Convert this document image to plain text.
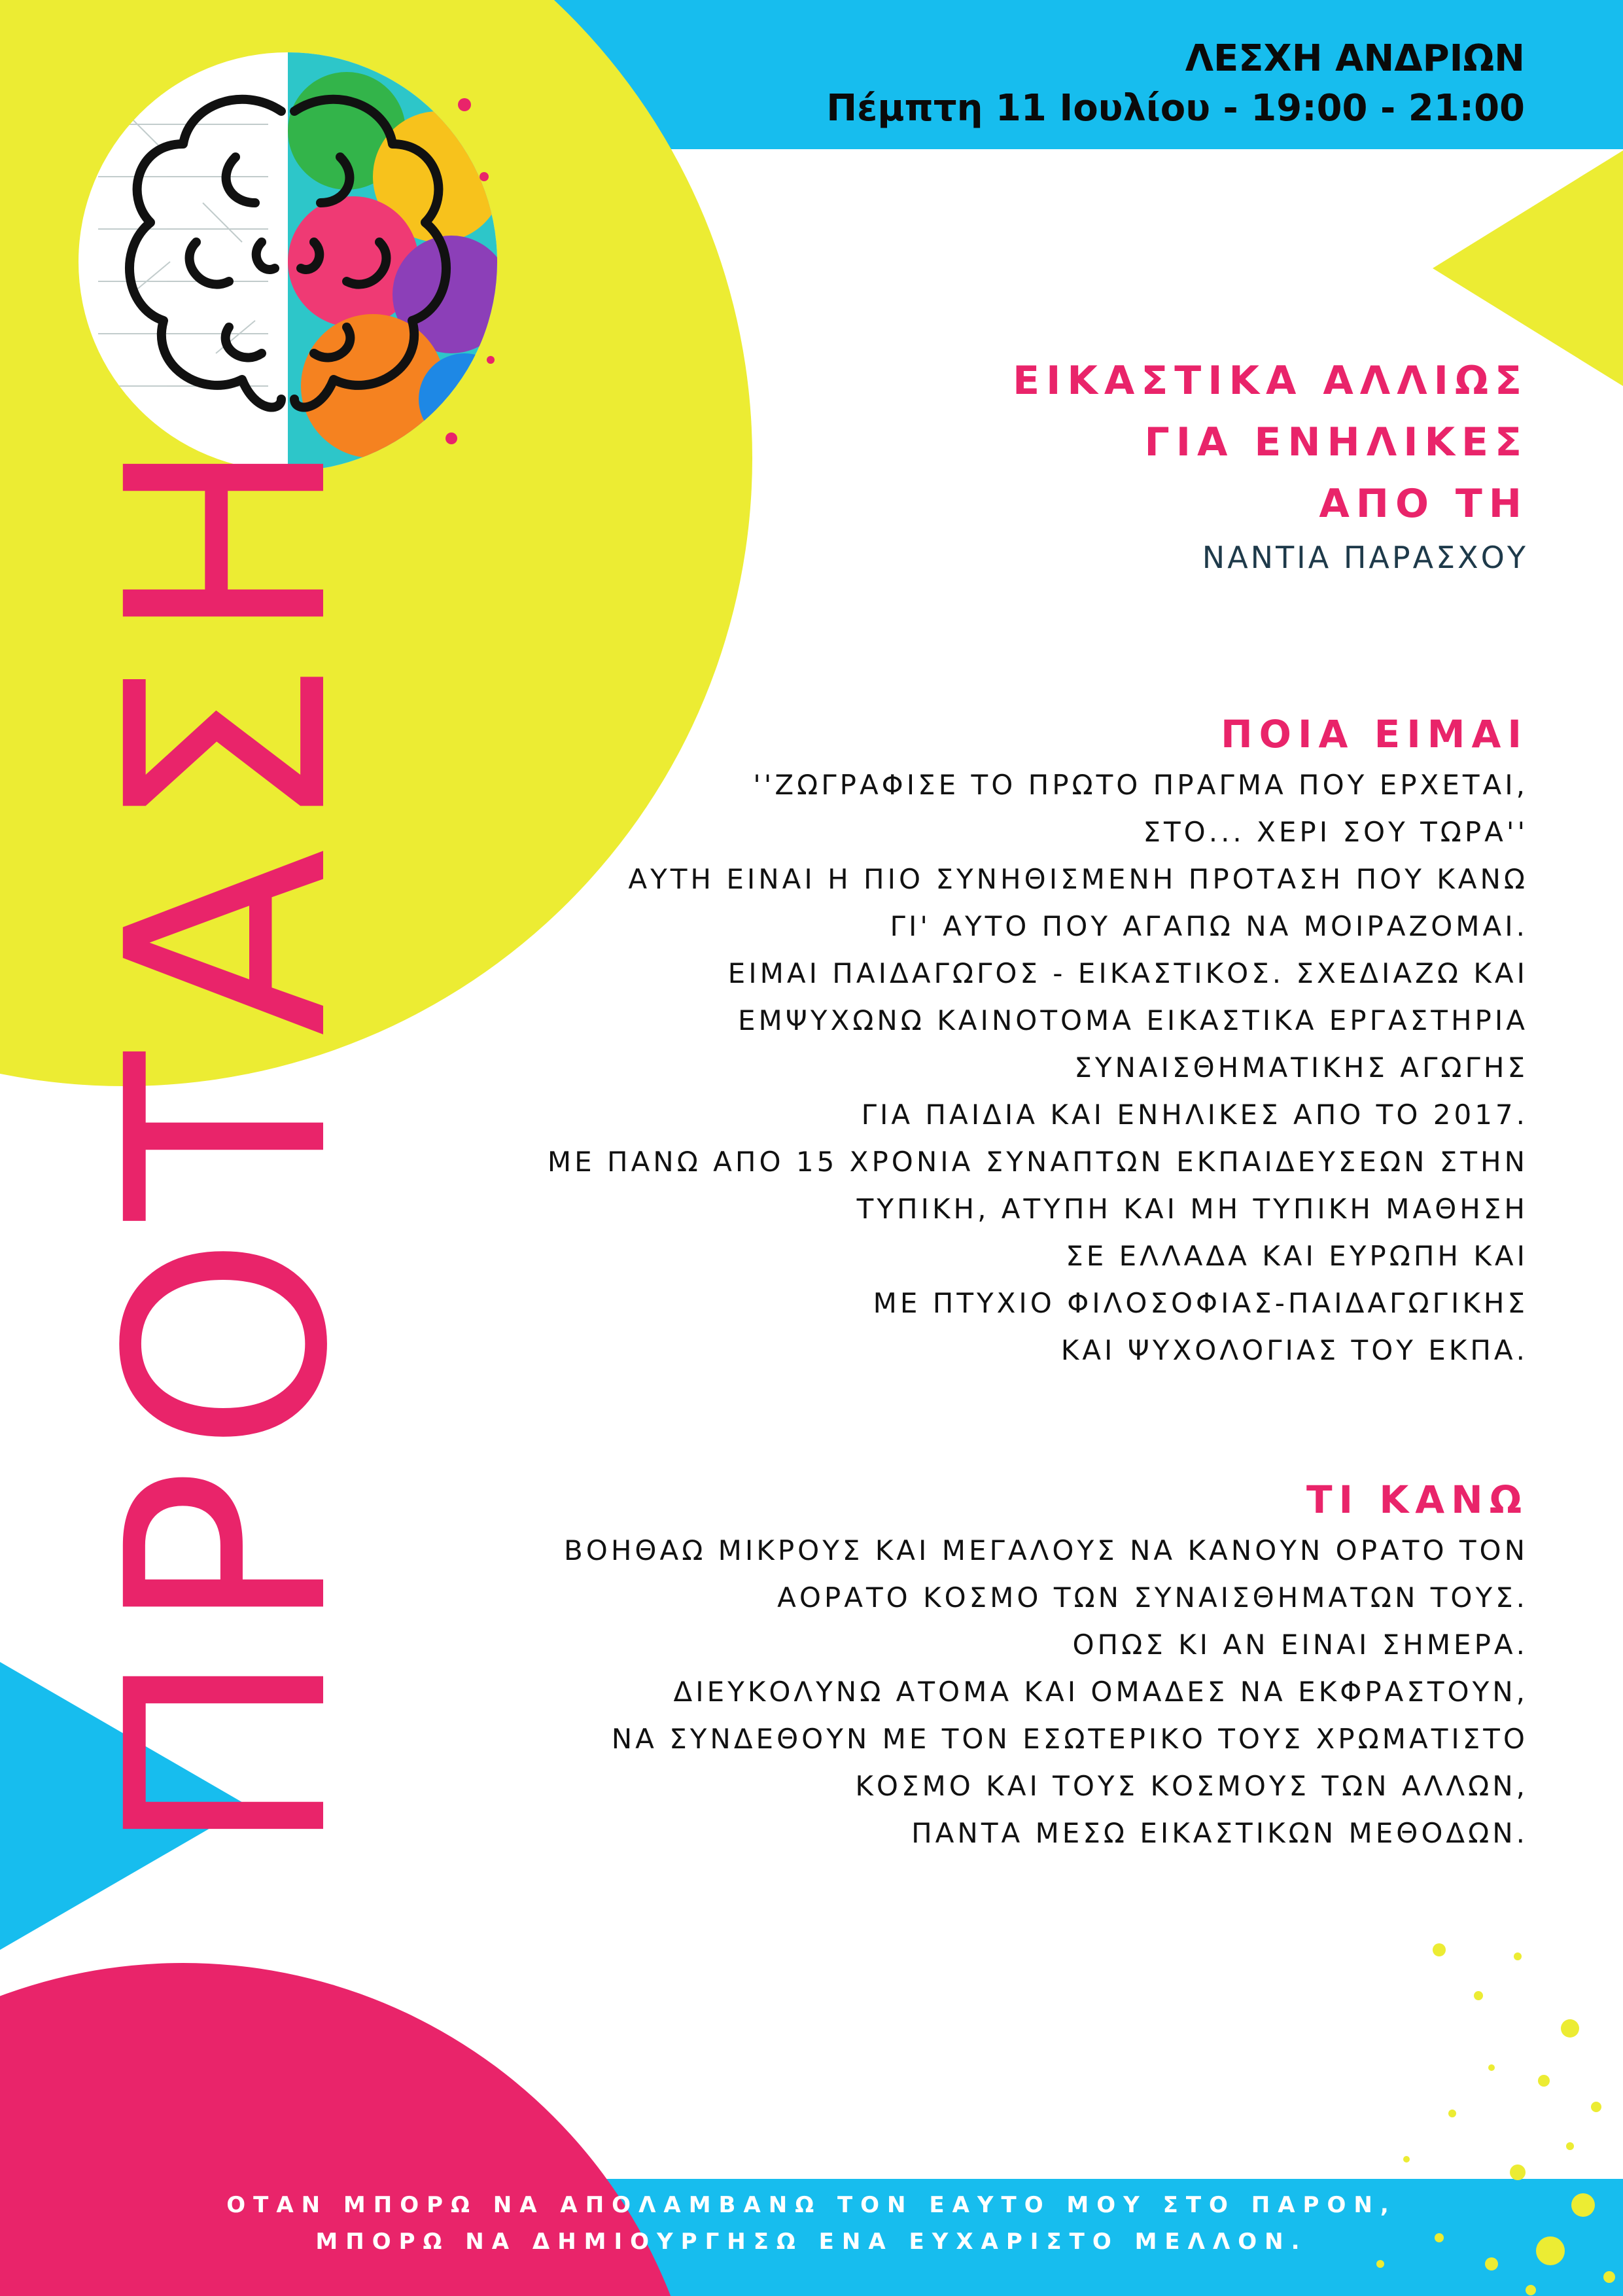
ΛΕΣΧΗ ΑΝΔΡΙΩΝ
Πέμπτη 11 Ιουλίου - 19:00 - 21:00
ΠΡΟΤΑΣΗ
ΕΙΚΑΣΤΙΚΑ ΑΛΛΙΩΣ
ΓΙΑ ΕΝΗΛΙΚΕΣ
ΑΠΟ ΤΗ
ΝΑΝΤΙΑ ΠΑΡΑΣΧΟΥ
ΠΟΙΑ ΕΙΜΑΙ
''ΖΩΓΡΑΦΙΣΕ ΤΟ ΠΡΩΤΟ ΠΡΑΓΜΑ ΠΟΥ ΕΡΧΕΤΑΙ,
ΣΤΟ... ΧΕΡΙ ΣΟΥ ΤΩΡΑ''
ΑΥΤΗ ΕΙΝΑΙ Η ΠΙΟ ΣΥΝΗΘΙΣΜΕΝΗ ΠΡΟΤΑΣΗ ΠΟΥ ΚΑΝΩ
ΓΙ' ΑΥΤΟ ΠΟΥ ΑΓΑΠΩ ΝΑ ΜΟΙΡΑΖΟΜΑΙ.
ΕΙΜΑΙ ΠΑΙΔΑΓΩΓΟΣ - ΕΙΚΑΣΤΙΚΟΣ. ΣΧΕΔΙΑΖΩ ΚΑΙ
ΕΜΨΥΧΩΝΩ ΚΑΙΝΟΤΟΜΑ ΕΙΚΑΣΤΙΚΑ ΕΡΓΑΣΤΗΡΙΑ
ΣΥΝΑΙΣΘΗΜΑΤΙΚΗΣ ΑΓΩΓΗΣ
ΓΙΑ ΠΑΙΔΙΑ ΚΑΙ ΕΝΗΛΙΚΕΣ ΑΠΟ ΤΟ 2017.
ΜΕ ΠΑΝΩ ΑΠΟ 15 ΧΡΟΝΙΑ ΣΥΝΑΠΤΩΝ ΕΚΠΑΙΔΕΥΣΕΩΝ ΣΤΗΝ
ΤΥΠΙΚΗ, ΑΤΥΠΗ ΚΑΙ ΜΗ ΤΥΠΙΚΗ ΜΑΘΗΣΗ
ΣΕ ΕΛΛΑΔΑ ΚΑΙ ΕΥΡΩΠΗ ΚΑΙ
ΜΕ ΠΤΥΧΙΟ ΦΙΛΟΣΟΦΙΑΣ-ΠΑΙΔΑΓΩΓΙΚΗΣ
ΚΑΙ ΨΥΧΟΛΟΓΙΑΣ ΤΟΥ ΕΚΠΑ.
ΤΙ ΚΑΝΩ
ΒΟΗΘΑΩ ΜΙΚΡΟΥΣ ΚΑΙ ΜΕΓΑΛΟΥΣ ΝΑ ΚΑΝΟΥΝ ΟΡΑΤΟ ΤΟΝ
ΑΟΡΑΤΟ ΚΟΣΜΟ ΤΩΝ ΣΥΝΑΙΣΘΗΜΑΤΩΝ ΤΟΥΣ.
ΟΠΩΣ ΚΙ ΑΝ ΕΙΝΑΙ ΣΗΜΕΡΑ.
ΔΙΕΥΚΟΛΥΝΩ ΑΤΟΜΑ ΚΑΙ ΟΜΑΔΕΣ ΝΑ ΕΚΦΡΑΣΤΟΥΝ,
ΝΑ ΣΥΝΔΕΘΟΥΝ ΜΕ ΤΟΝ ΕΣΩΤΕΡΙΚΟ ΤΟΥΣ ΧΡΩΜΑΤΙΣΤΟ
ΚΟΣΜΟ ΚΑΙ ΤΟΥΣ ΚΟΣΜΟΥΣ ΤΩΝ ΑΛΛΩΝ,
ΠΑΝΤΑ ΜΕΣΩ ΕΙΚΑΣΤΙΚΩΝ ΜΕΘΟΔΩΝ.
ΟΤΑΝ ΜΠΟΡΩ ΝΑ ΑΠΟΛΑΜΒΑΝΩ ΤΟΝ ΕΑΥΤΟ ΜΟΥ ΣΤΟ ΠΑΡΟΝ,
ΜΠΟΡΩ ΝΑ ΔΗΜΙΟΥΡΓΗΣΩ ΕΝΑ ΕΥΧΑΡΙΣΤΟ ΜΕΛΛΟΝ.
